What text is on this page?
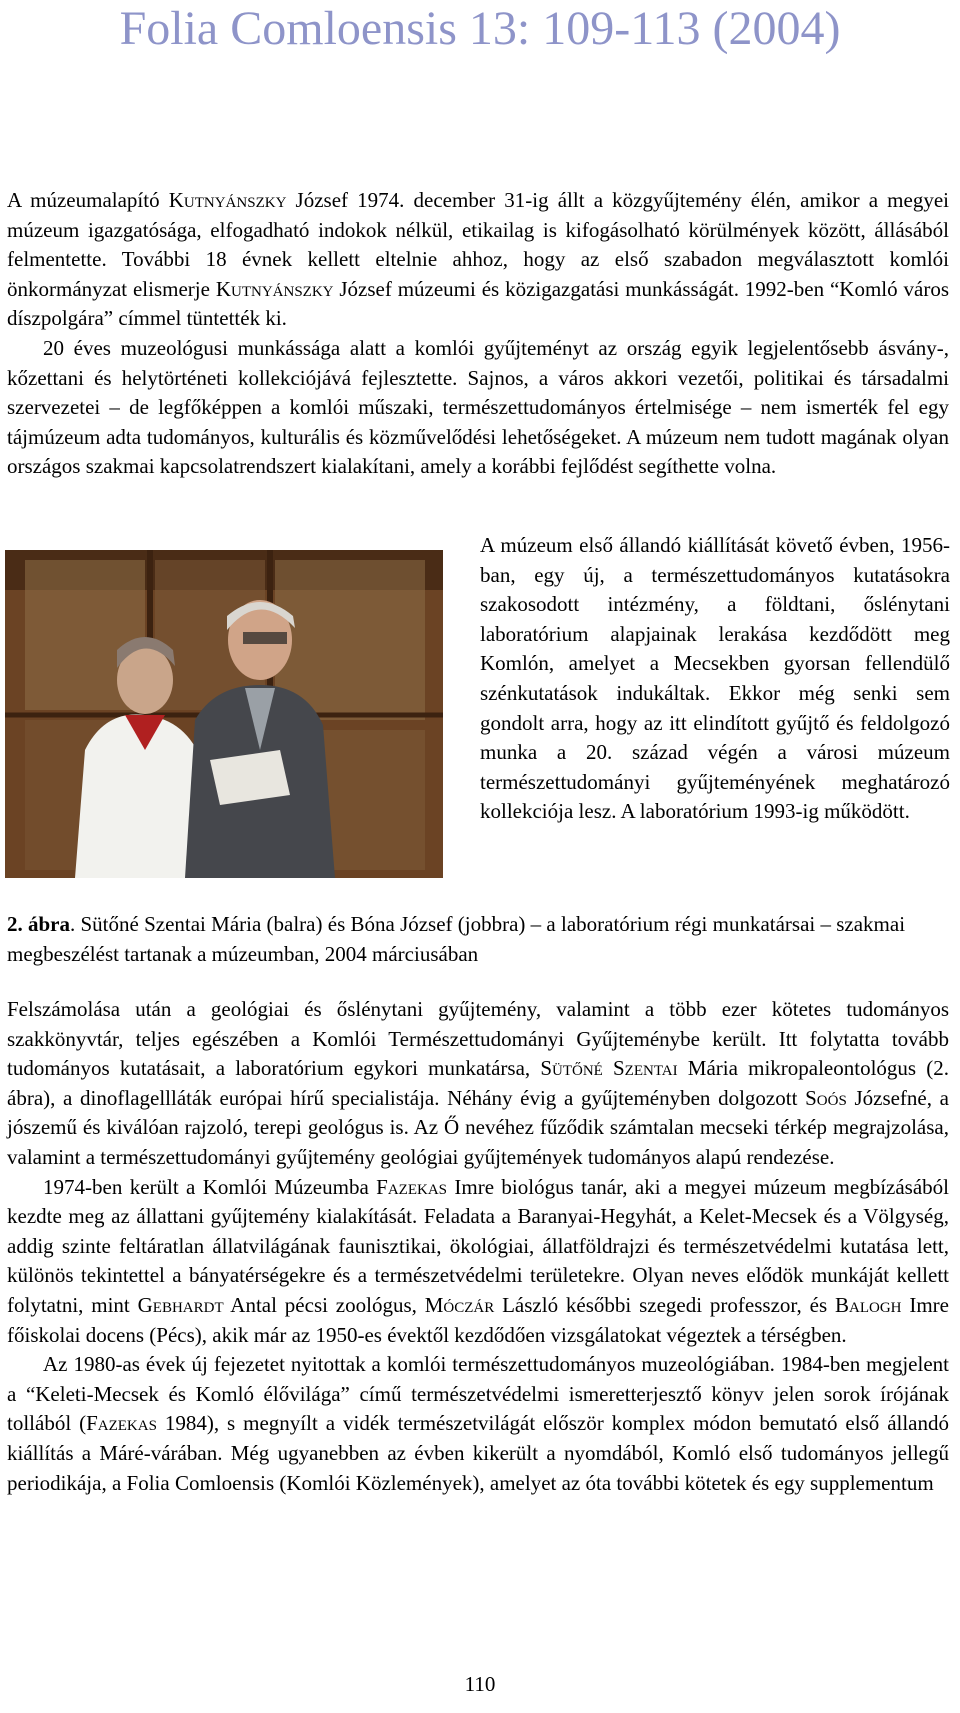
Folia Comloensis 13: 109-113 (2004)

A múzeumalapító Kutnyánszky József 1974. december 31-ig állt a közgyűjtemény élén, amikor a megyei múzeum igazgatósága, elfogadható indokok nélkül, etikailag is kifogásolható körülmények között, állásából felmentette. További 18 évnek kellett eltelnie ahhoz, hogy az első szabadon megválasztott komlói önkormányzat elismerje Kutnyánszky József múzeumi és közigazgatási munkásságát. 1992-ben “Komló város díszpolgára” címmel tüntették ki.

20 éves muzeológusi munkássága alatt a komlói gyűjteményt az ország egyik legjelentősebb ásvány-, kőzettani és helytörténeti kollekciójává fejlesztette. Sajnos, a város akkori vezetői, politikai és társadalmi szervezetei – de legfőképpen a komlói műszaki, természettudományos értelmisége – nem ismerték fel egy tájmúzeum adta tudományos, kulturális és közművelődési lehetőségeket. A múzeum nem tudott magának olyan országos szakmai kapcsolatrendszert kialakítani, amely a korábbi fejlődést segíthette volna.

A múzeum első állandó kiállítását követő évben, 1956-ban, egy új, a természettudományos kutatásokra szakosodott intézmény, a földtani, őslénytani laboratórium alapjainak lerakása kezdődött meg Komlón, amelyet a Mecsekben gyorsan fellendülő szénkutatások indukáltak. Ekkor még senki sem gondolt arra, hogy az itt elindított gyűjtő és feldolgozó munka a 20. század végén a városi múzeum természettudományi gyűjteményének meghatározó kollekciója lesz. A laboratórium 1993-ig működött.
2. ábra. Sütőné Szentai Mária (balra) és Bóna József (jobbra) – a laboratórium régi munkatársai – szakmai megbeszélést tartanak a múzeumban, 2004 márciusában

Felszámolása után a geológiai és őslénytani gyűjtemény, valamint a több ezer kötetes tudományos szakkönyvtár, teljes egészében a Komlói Természettudományi Gyűjteménybe került. Itt folytatta tovább tudományos kutatásait, a laboratórium egykori munkatársa, Sütőné Szentai Mária mikropaleontológus (2. ábra), a dinoflagellláták európai hírű specialistája. Néhány évig a gyűjteményben dolgozott Soós Józsefné, a jószemű és kiválóan rajzoló, terepi geológus is. Az Ő nevéhez fűződik számtalan mecseki térkép megrajzolása, valamint a természettudományi gyűjtemény geológiai gyűjtemények tudományos alapú rendezése.

1974-ben került a Komlói Múzeumba Fazekas Imre biológus tanár, aki a megyei múzeum megbízásából kezdte meg az állattani gyűjtemény kialakítását. Feladata a Baranyai-Hegyhát, a Kelet-Mecsek és a Völgység, addig szinte feltáratlan állatvilágának faunisztikai, ökológiai, állatföldrajzi és természetvédelmi kutatása lett, különös tekintettel a bányatérségekre és a természetvédelmi területekre. Olyan neves elődök munkáját kellett folytatni, mint Gebhardt Antal pécsi zoológus, Móczár László későbbi szegedi professzor, és Balogh Imre főiskolai docens (Pécs), akik már az 1950-es évektől kezdődően vizsgálatokat végeztek a térségben.

Az 1980-as évek új fejezetet nyitottak a komlói természettudományos muzeológiában. 1984-ben megjelent a “Keleti-Mecsek és Komló élővilága” című természetvédelmi ismeretterjesztő könyv jelen sorok írójának tollából (Fazekas 1984), s megnyílt a vidék természetvilágát először komplex módon bemutató első állandó kiállítás a Máré-várában. Még ugyanebben az évben kikerült a nyomdából, Komló első tudományos jellegű periodikája, a Folia Comloensis (Komlói Közlemények), amelyet az óta további kötetek és egy supplementum

110
